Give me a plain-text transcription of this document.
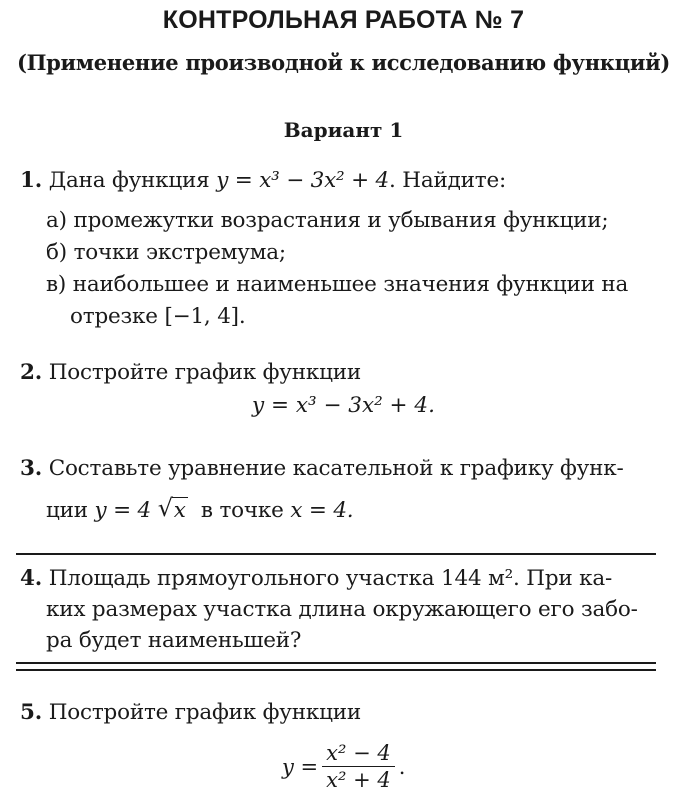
КОНТРОЛЬНАЯ РАБОТА № 7
(Применение производной к исследованию функций)
Вариант 1
1. Дана функция y = x³ − 3x² + 4. Найдите:
а) промежутки возрастания и убывания функции;
б) точки экстремума;
в) наибольшее и наименьшее значения функции на
отрезке [−1, 4].
2. Постройте график функции
y = x³ − 3x² + 4.
3. Составьте уравнение касательной к графику функ-
ции y = 4 √ x в точке x = 4.
4. Площадь прямоугольного участка 144 м². При ка-
ких размерах участка длина окружающего его забо-
ра будет наименьшей?
5. Постройте график функции
$y = \frac{\text{x² − 4}}{\text{x² + 4}}$ .
